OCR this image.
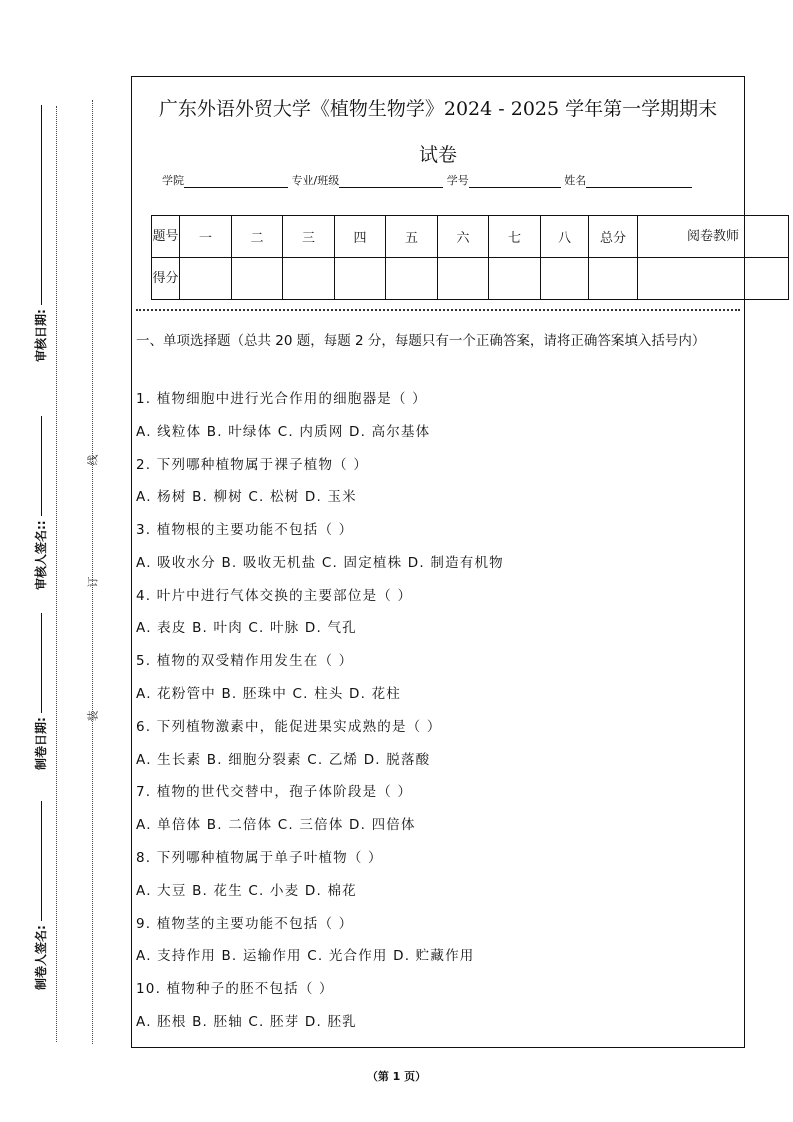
制卷人签名:
制卷日期:
审核人签名::
审核日期:
线
订
装
广东外语外贸大学《植物生物学》2024 - 2025 学年第一学期期末
试卷
学院	专业/班级	学号	姓名
题号	一	二	三	四	五	六	七	八	总分	阅卷教师
得分										
一、单项选择题（总共 20 题，每题 2 分，每题只有一个正确答案，请将正确答案填入括号内）
1. 植物细胞中进行光合作用的细胞器是（ ）
A. 线粒体 B. 叶绿体 C. 内质网 D. 高尔基体
2. 下列哪种植物属于裸子植物（ ）
A. 杨树 B. 柳树 C. 松树 D. 玉米
3. 植物根的主要功能不包括（ ）
A. 吸收水分 B. 吸收无机盐 C. 固定植株 D. 制造有机物
4. 叶片中进行气体交换的主要部位是（ ）
A. 表皮 B. 叶肉 C. 叶脉 D. 气孔
5. 植物的双受精作用发生在（ ）
A. 花粉管中 B. 胚珠中 C. 柱头 D. 花柱
6. 下列植物激素中，能促进果实成熟的是（ ）
A. 生长素 B. 细胞分裂素 C. 乙烯 D. 脱落酸
7. 植物的世代交替中，孢子体阶段是（ ）
A. 单倍体 B. 二倍体 C. 三倍体 D. 四倍体
8. 下列哪种植物属于单子叶植物（ ）
A. 大豆 B. 花生 C. 小麦 D. 棉花
9. 植物茎的主要功能不包括（ ）
A. 支持作用 B. 运输作用 C. 光合作用 D. 贮藏作用
10. 植物种子的胚不包括（ ）
A. 胚根 B. 胚轴 C. 胚芽 D. 胚乳
（第 1 页）
